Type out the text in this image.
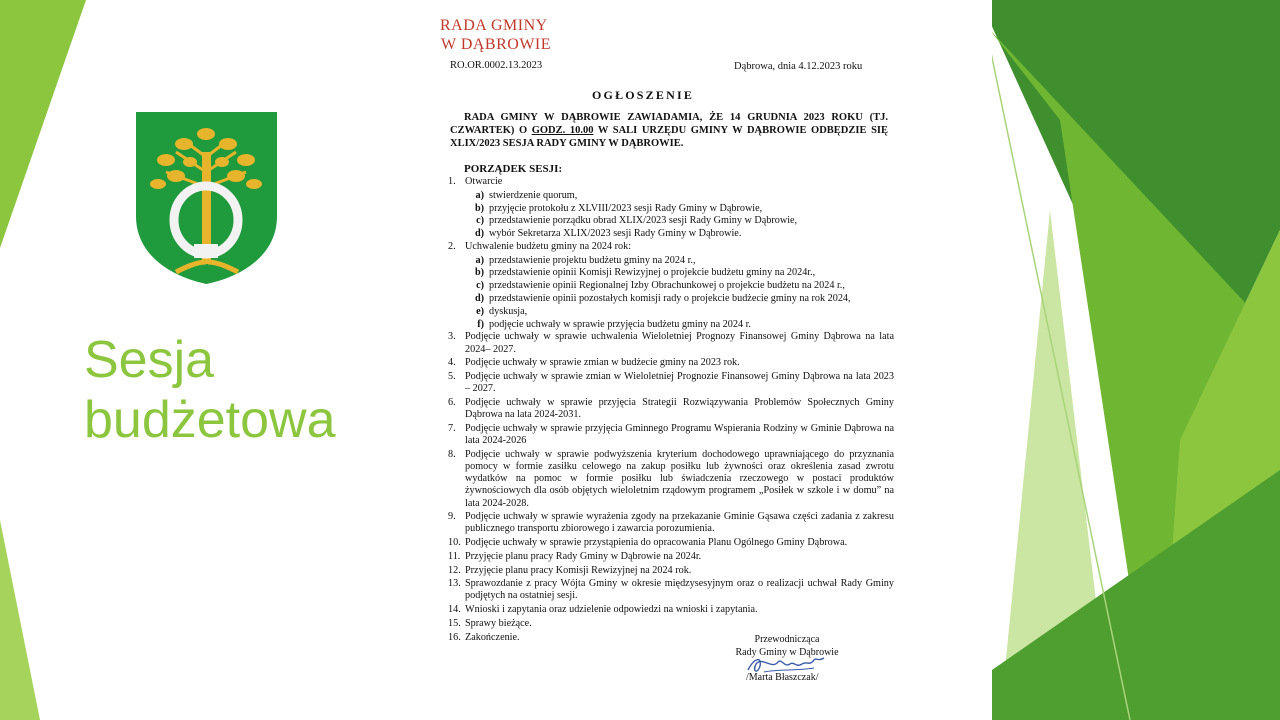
Sesja
budżetowa
RADA GMINY
W DĄBROWIE
RO.OR.0002.13.2023	Dąbrowa, dnia 4.12.2023 roku
OGŁOSZENIE
RADA GMINY W DĄBROWIE ZAWIADAMIA, ŻE 14 GRUDNIA 2023 ROKU (TJ. CZWARTEK) O GODZ. 10.00 W SALI URZĘDU GMINY W DĄBROWIE ODBĘDZIE SIĘ XLIX/2023 SESJA RADY GMINY W DĄBROWIE.
PORZĄDEK SESJI:
1. Otwarcie
a) stwierdzenie quorum,
b) przyjęcie protokołu z XLVIII/2023 sesji Rady Gminy w Dąbrowie,
c) przedstawienie porządku obrad XLIX/2023 sesji Rady Gminy w Dąbrowie,
d) wybór Sekretarza XLIX/2023 sesji Rady Gminy w Dąbrowie.
2. Uchwalenie budżetu gminy na 2024 rok:
a) przedstawienie projektu budżetu gminy na 2024 r.,
b) przedstawienie opinii Komisji Rewizyjnej o projekcie budżetu gminy na 2024r.,
c) przedstawienie opinii Regionalnej Izby Obrachunkowej o projekcie budżetu na 2024 r.,
d) przedstawienie opinii pozostałych komisji rady o projekcie budżecie gminy na rok 2024,
e) dyskusja,
f) podjęcie uchwały w sprawie przyjęcia budżetu gminy na 2024 r.
3. Podjęcie uchwały w sprawie uchwalenia Wieloletniej Prognozy Finansowej Gminy Dąbrowa na lata 2024– 2027.
4. Podjęcie uchwały w sprawie zmian w budżecie gminy na 2023 rok.
5. Podjęcie uchwały w sprawie zmian w Wieloletniej Prognozie Finansowej Gminy Dąbrowa na lata 2023 – 2027.
6. Podjęcie uchwały w sprawie przyjęcia Strategii Rozwiązywania Problemów Społecznych Gminy Dąbrowa na lata 2024-2031.
7. Podjęcie uchwały w sprawie przyjęcia Gminnego Programu Wspierania Rodziny w Gminie Dąbrowa na lata 2024-2026
8. Podjęcie uchwały w sprawie podwyższenia kryterium dochodowego uprawniającego do przyznania pomocy w formie zasiłku celowego na zakup posiłku lub żywności oraz określenia zasad zwrotu wydatków na pomoc w formie posiłku lub świadczenia rzeczowego w postaci produktów żywnościowych dla osób objętych wieloletnim rządowym programem „Posiłek w szkole i w domu” na lata 2024-2028.
9. Podjęcie uchwały w sprawie wyrażenia zgody na przekazanie Gminie Gąsawa części zadania z zakresu publicznego transportu zbiorowego i zawarcia porozumienia.
10. Podjęcie uchwały w sprawie przystąpienia do opracowania Planu Ogólnego Gminy Dąbrowa.
11. Przyjęcie planu pracy Rady Gminy w Dąbrowie na 2024r.
12. Przyjęcie planu pracy Komisji Rewizyjnej na 2024 rok.
13. Sprawozdanie z pracy Wójta Gminy w okresie międzysesyjnym oraz o realizacji uchwał Rady Gminy podjętych na ostatniej sesji.
14. Wnioski i zapytania oraz udzielenie odpowiedzi na wnioski i zapytania.
15. Sprawy bieżące.
16. Zakończenie.	Przewodnicząca
Rady Gminy w Dąbrowie
/Marta Błaszczak/
